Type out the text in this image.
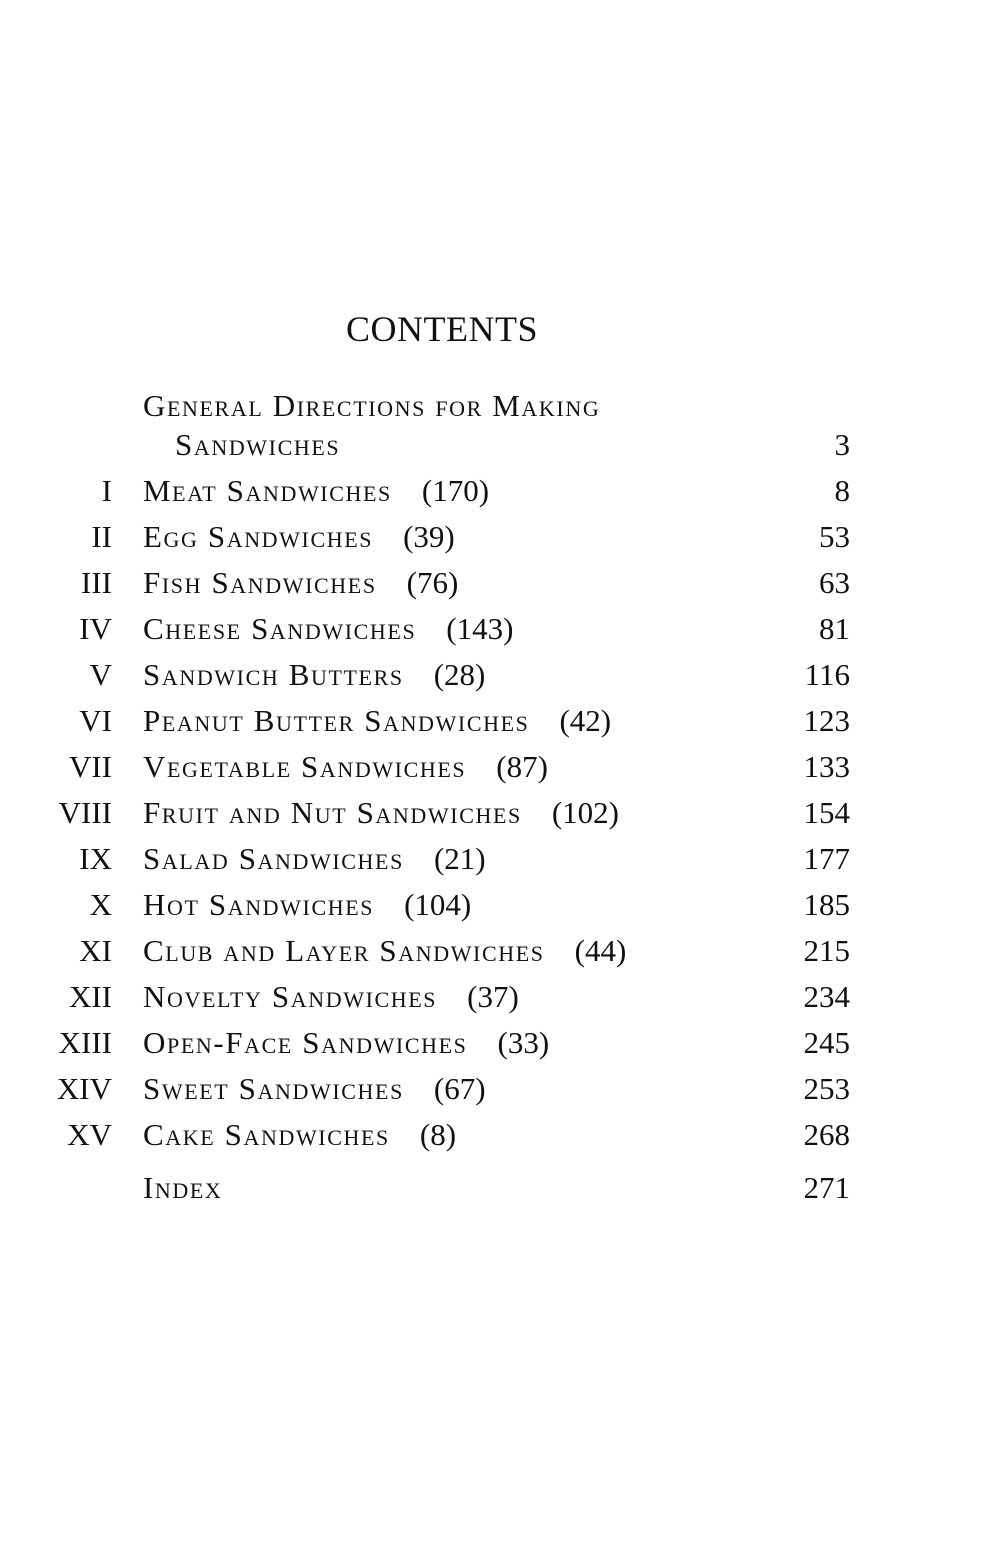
CONTENTS
General Directions for Making
Sandwiches	3
I Meat Sandwiches (170)	8
II Egg Sandwiches (39)	53
III Fish Sandwiches (76)	63
IV Cheese Sandwiches (143)	81
V Sandwich Butters (28)	116
VI Peanut Butter Sandwiches (42)	123
VII Vegetable Sandwiches (87)	133
VIII Fruit and Nut Sandwiches (102)	154
IX Salad Sandwiches (21)	177
X Hot Sandwiches (104)	185
XI Club and Layer Sandwiches (44)	215
XII Novelty Sandwiches (37)	234
XIII Open-Face Sandwiches (33)	245
XIV Sweet Sandwiches (67)	253
XV Cake Sandwiches (8)	268
Index	271
